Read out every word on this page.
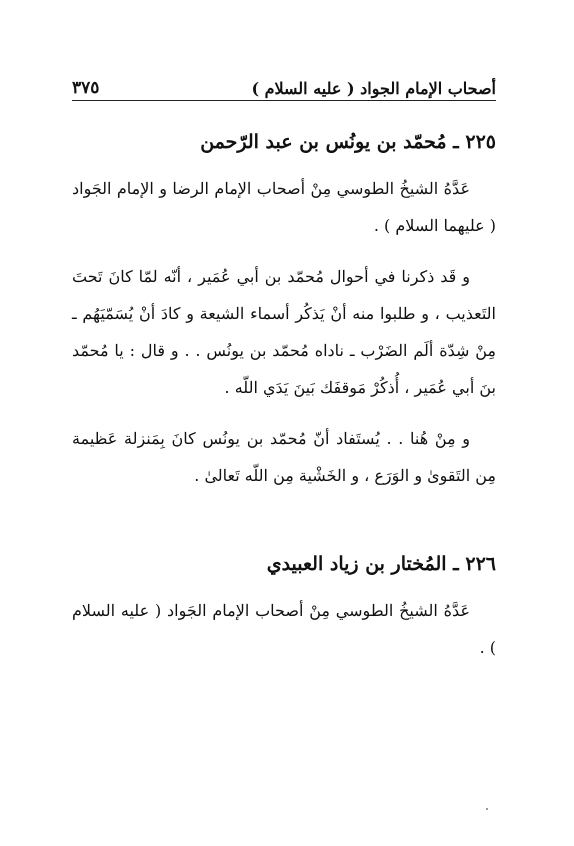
أصحاب الإمام الجواد ( عليه السلام )
٣٧٥
٢٢٥ ـ مُحمّد بن يونُس بن عبد الرّحمن

عَدَّهُ الشيخُ الطوسي مِنْ أصحاب الإمام الرضا و الإمام الجَواد ( عليهما السلام ) .

و قَد ذكرنا في أحوال مُحمّد بن أبي عُمَير ، أنّه لمّا كانَ تَحتَ التَعذيب ، و طلبوا منه أنْ يَذكُر أسماء الشيعة و كادَ أنْ يُسَمّيَهُم ـ مِنْ شِدّة ألَم الضَرْب ـ ناداه مُحمّد بن يونُس . . و قال : يا مُحمّد بنَ أبي عُمَير ، أُذكُرْ مَوقفَك بَينَ يَدَي اللّه .

و مِنْ هُنا . . يُستَفاد أنّ مُحمّد بن يونُس كانَ بِمَنزلة عَظيمة مِن التَقوىٰ و الوَرَع ، و الخَشْية مِن اللّه تَعالىٰ .

٢٢٦ ـ المُختار بن زياد العبيدي

عَدَّهُ الشيخُ الطوسي مِنْ أصحاب الإمام الجَواد ( عليه السلام ) .
